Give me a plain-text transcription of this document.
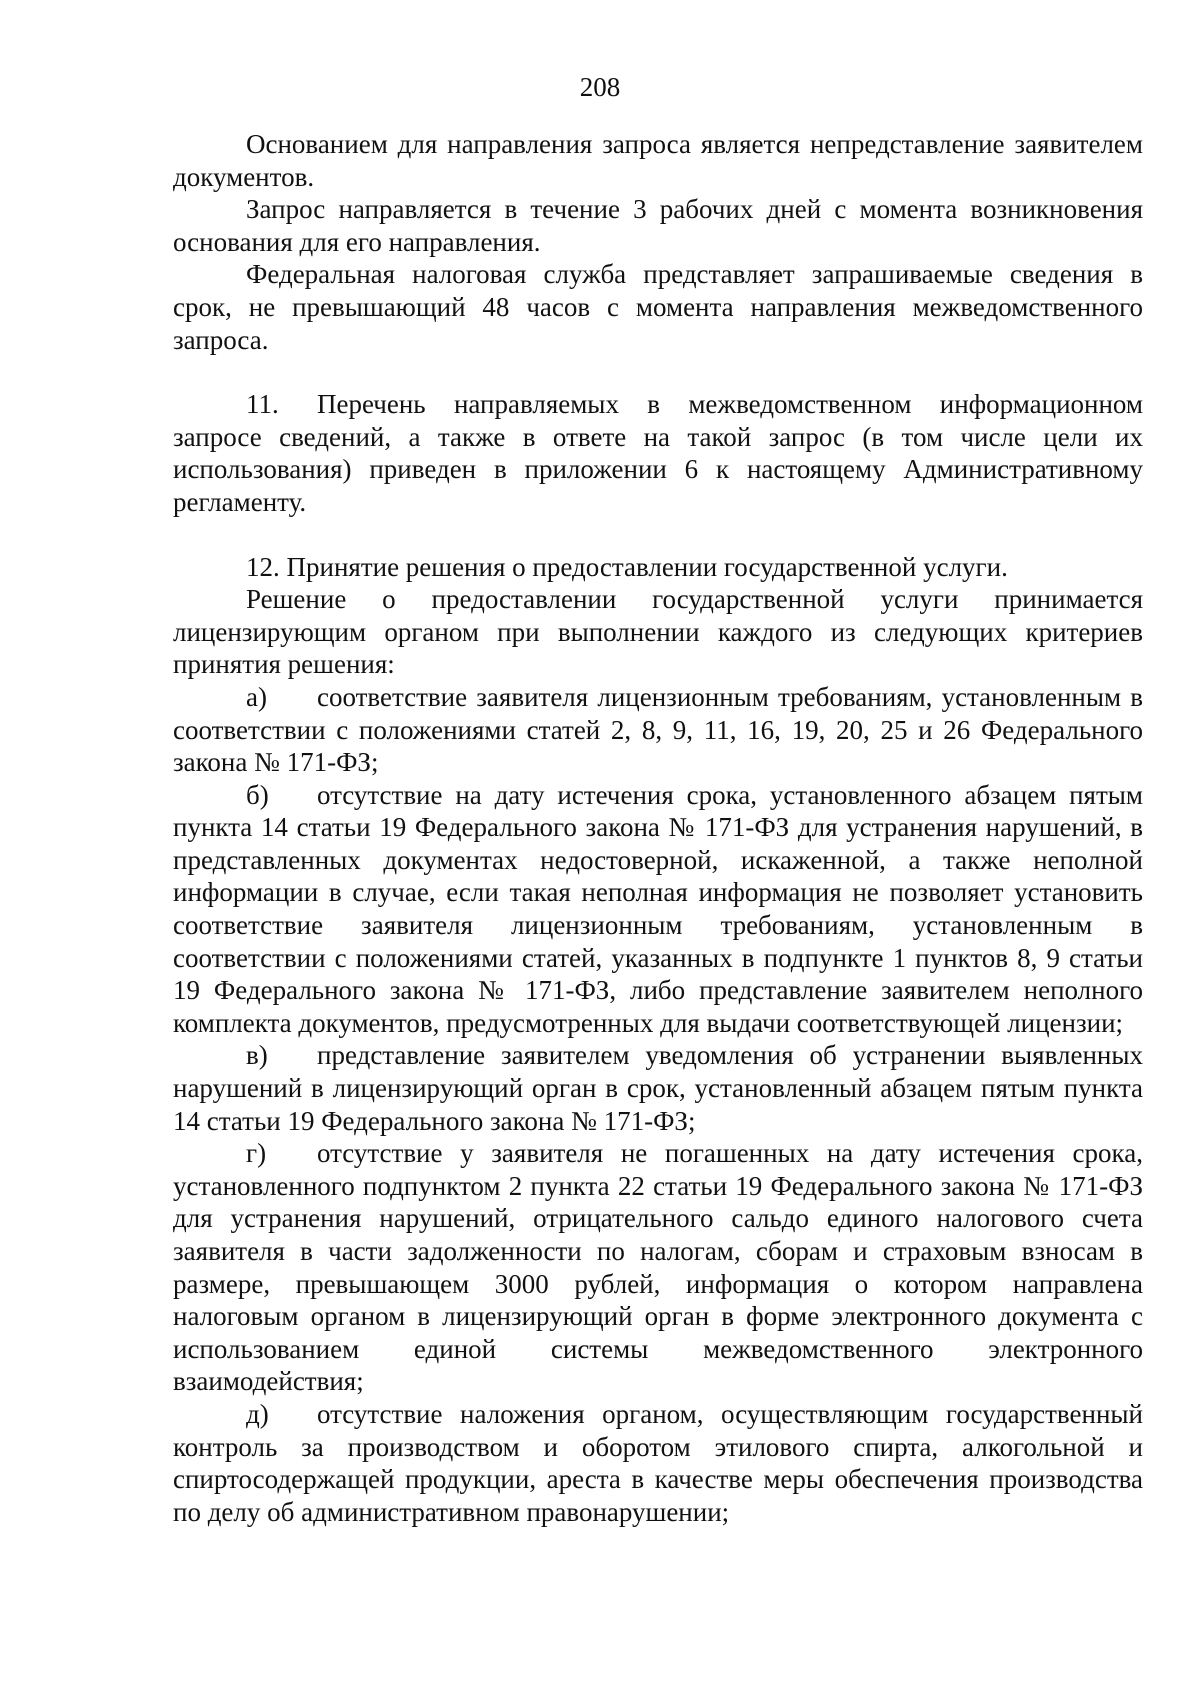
208

Основанием для направления запроса является непредставление заявителем документов.

Запрос направляется в течение 3 рабочих дней с момента возникновения основания для его направления.

Федеральная налоговая служба представляет запрашиваемые сведения в срок, не превышающий 48 часов с момента направления межведомственного запроса.

11. Перечень направляемых в межведомственном информационном запросе сведений, а также в ответе на такой запрос (в том числе цели их использования) приведен в приложении 6 к настоящему Административному регламенту.

12. Принятие решения о предоставлении государственной услуги.

Решение о предоставлении государственной услуги принимается лицензирующим органом при выполнении каждого из следующих критериев принятия решения:

а) соответствие заявителя лицензионным требованиям, установленным в соответствии с положениями статей 2, 8, 9, 11, 16, 19, 20, 25 и 26 Федерального закона № 171-ФЗ;

б) отсутствие на дату истечения срока, установленного абзацем пятым пункта 14 статьи 19 Федерального закона № 171-ФЗ для устранения нарушений, в представленных документах недостоверной, искаженной, а также неполной информации в случае, если такая неполная информация не позволяет установить соответствие заявителя лицензионным требованиям, установленным в соответствии с положениями статей, указанных в подпункте 1 пунктов 8, 9 статьи 19 Федерального закона № 171-ФЗ, либо представление заявителем неполного комплекта документов, предусмотренных для выдачи соответствующей лицензии;

в) представление заявителем уведомления об устранении выявленных нарушений в лицензирующий орган в срок, установленный абзацем пятым пункта 14 статьи 19 Федерального закона № 171-ФЗ;

г) отсутствие у заявителя не погашенных на дату истечения срока, установленного подпунктом 2 пункта 22 статьи 19 Федерального закона № 171-ФЗ для устранения нарушений, отрицательного сальдо единого налогового счета заявителя в части задолженности по налогам, сборам и страховым взносам в размере, превышающем 3000 рублей, информация о котором направлена налоговым органом в лицензирующий орган в форме электронного документа с использованием единой системы межведомственного электронного взаимодействия;

д) отсутствие наложения органом, осуществляющим государственный контроль за производством и оборотом этилового спирта, алкогольной и спиртосодержащей продукции, ареста в качестве меры обеспечения производства по делу об административном правонарушении;
